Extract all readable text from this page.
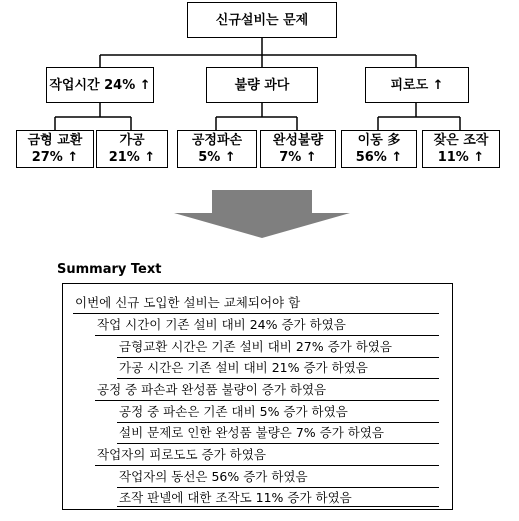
신규설비는 문제
작업시간 24% ↑	불량 과다	피로도 ↑
금형 교환
27% ↑
가공
21% ↑
공정파손
5% ↑
완성불량
7% ↑
이동 多
56% ↑
잦은 조작
11% ↑
Summary Text
이번에 신규 도입한 설비는 교체되어야 함
작업 시간이 기존 설비 대비 24% 증가 하였음
금형교환 시간은 기존 설비 대비 27% 증가 하였음
가공 시간은 기존 설비 대비 21% 증가 하였음
공정 중 파손과 완성품 불량이 증가 하였음
공정 중 파손은 기존 대비 5% 증가 하였음
설비 문제로 인한 완성품 불량은 7% 증가 하였음
작업자의 피로도도 증가 하였음
작업자의 동선은 56% 증가 하였음
조작 판넬에 대한 조작도 11% 증가 하였음
